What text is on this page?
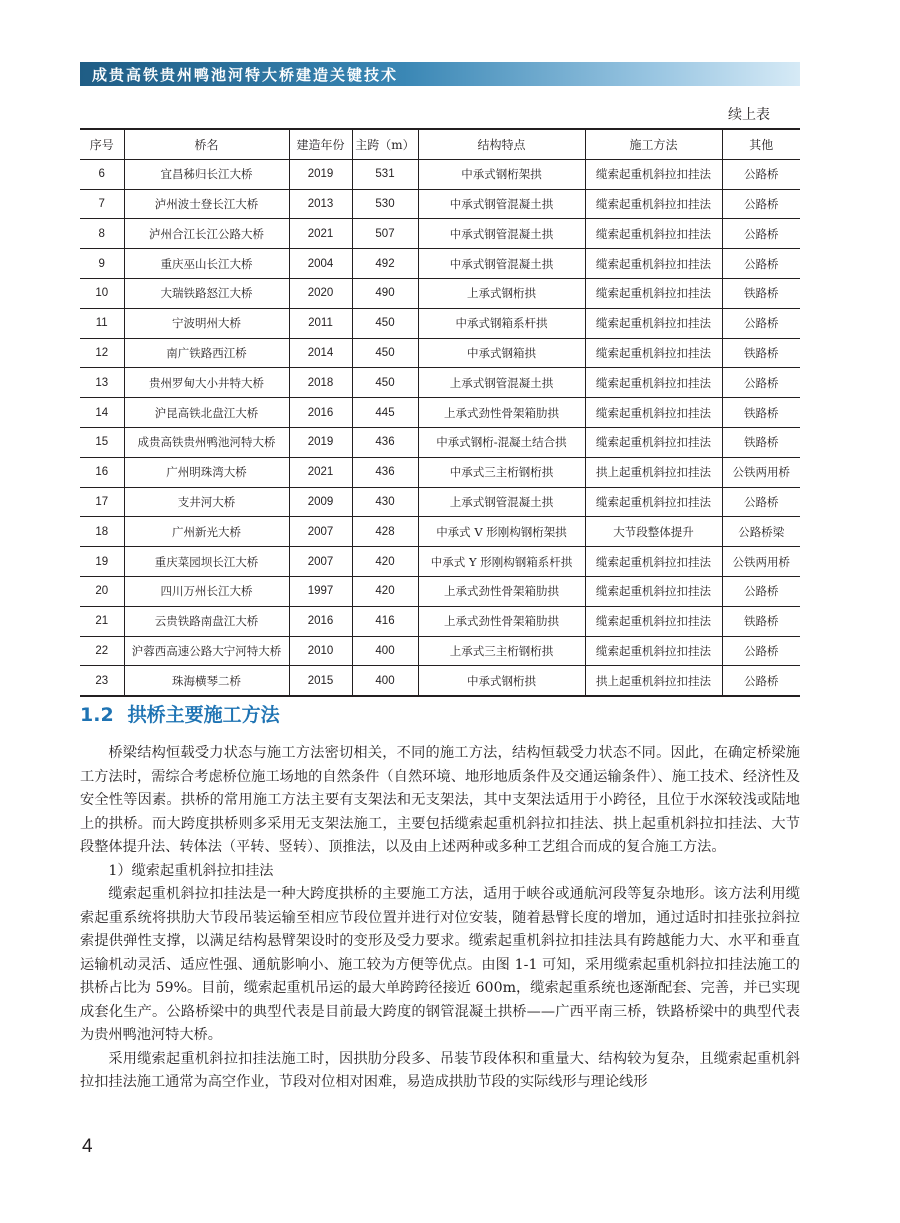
成贵高铁贵州鸭池河特大桥建造关键技术
续上表
序号	桥名	建造年份	主跨（m）	结构特点	施工方法	其他
6	宜昌秭归长江大桥	2019	531	中承式钢桁架拱	缆索起重机斜拉扣挂法	公路桥
7	泸州波士登长江大桥	2013	530	中承式钢管混凝土拱	缆索起重机斜拉扣挂法	公路桥
8	泸州合江长江公路大桥	2021	507	中承式钢管混凝土拱	缆索起重机斜拉扣挂法	公路桥
9	重庆巫山长江大桥	2004	492	中承式钢管混凝土拱	缆索起重机斜拉扣挂法	公路桥
10	大瑞铁路怒江大桥	2020	490	上承式钢桁拱	缆索起重机斜拉扣挂法	铁路桥
11	宁波明州大桥	2011	450	中承式钢箱系杆拱	缆索起重机斜拉扣挂法	公路桥
12	南广铁路西江桥	2014	450	中承式钢箱拱	缆索起重机斜拉扣挂法	铁路桥
13	贵州罗甸大小井特大桥	2018	450	上承式钢管混凝土拱	缆索起重机斜拉扣挂法	公路桥
14	沪昆高铁北盘江大桥	2016	445	上承式劲性骨架箱肋拱	缆索起重机斜拉扣挂法	铁路桥
15	成贵高铁贵州鸭池河特大桥	2019	436	中承式钢桁-混凝土结合拱	缆索起重机斜拉扣挂法	铁路桥
16	广州明珠湾大桥	2021	436	中承式三主桁钢桁拱	拱上起重机斜拉扣挂法	公铁两用桥
17	支井河大桥	2009	430	上承式钢管混凝土拱	缆索起重机斜拉扣挂法	公路桥
18	广州新光大桥	2007	428	中承式 V 形刚构钢桁架拱	大节段整体提升	公路桥梁
19	重庆菜园坝长江大桥	2007	420	中承式 Y 形刚构钢箱系杆拱	缆索起重机斜拉扣挂法	公铁两用桥
20	四川万州长江大桥	1997	420	上承式劲性骨架箱肋拱	缆索起重机斜拉扣挂法	公路桥
21	云贵铁路南盘江大桥	2016	416	上承式劲性骨架箱肋拱	缆索起重机斜拉扣挂法	铁路桥
22	沪蓉西高速公路大宁河特大桥	2010	400	上承式三主桁钢桁拱	缆索起重机斜拉扣挂法	公路桥
23	珠海横琴二桥	2015	400	中承式钢桁拱	拱上起重机斜拉扣挂法	公路桥
1.2 拱桥主要施工方法

桥梁结构恒载受力状态与施工方法密切相关，不同的施工方法，结构恒载受力状态不同。因此，在确定桥梁施工方法时，需综合考虑桥位施工场地的自然条件（自然环境、地形地质条件及交通运输条件）、施工技术、经济性及安全性等因素。拱桥的常用施工方法主要有支架法和无支架法，其中支架法适用于小跨径，且位于水深较浅或陆地上的拱桥。而大跨度拱桥则多采用无支架法施工，主要包括缆索起重机斜拉扣挂法、拱上起重机斜拉扣挂法、大节段整体提升法、转体法（平转、竖转）、顶推法，以及由上述两种或多种工艺组合而成的复合施工方法。

1）缆索起重机斜拉扣挂法

缆索起重机斜拉扣挂法是一种大跨度拱桥的主要施工方法，适用于峡谷或通航河段等复杂地形。该方法利用缆索起重系统将拱肋大节段吊装运输至相应节段位置并进行对位安装，随着悬臂长度的增加，通过适时扣挂张拉斜拉索提供弹性支撑，以满足结构悬臂架设时的变形及受力要求。缆索起重机斜拉扣挂法具有跨越能力大、水平和垂直运输机动灵活、适应性强、通航影响小、施工较为方便等优点。由图 1-1 可知，采用缆索起重机斜拉扣挂法施工的拱桥占比为 59%。目前，缆索起重机吊运的最大单跨跨径接近 600m，缆索起重系统也逐渐配套、完善，并已实现成套化生产。公路桥梁中的典型代表是目前最大跨度的钢管混凝土拱桥——广西平南三桥，铁路桥梁中的典型代表为贵州鸭池河特大桥。

采用缆索起重机斜拉扣挂法施工时，因拱肋分段多、吊装节段体积和重量大、结构较为复杂，且缆索起重机斜拉扣挂法施工通常为高空作业，节段对位相对困难，易造成拱肋节段的实际线形与理论线形

4
